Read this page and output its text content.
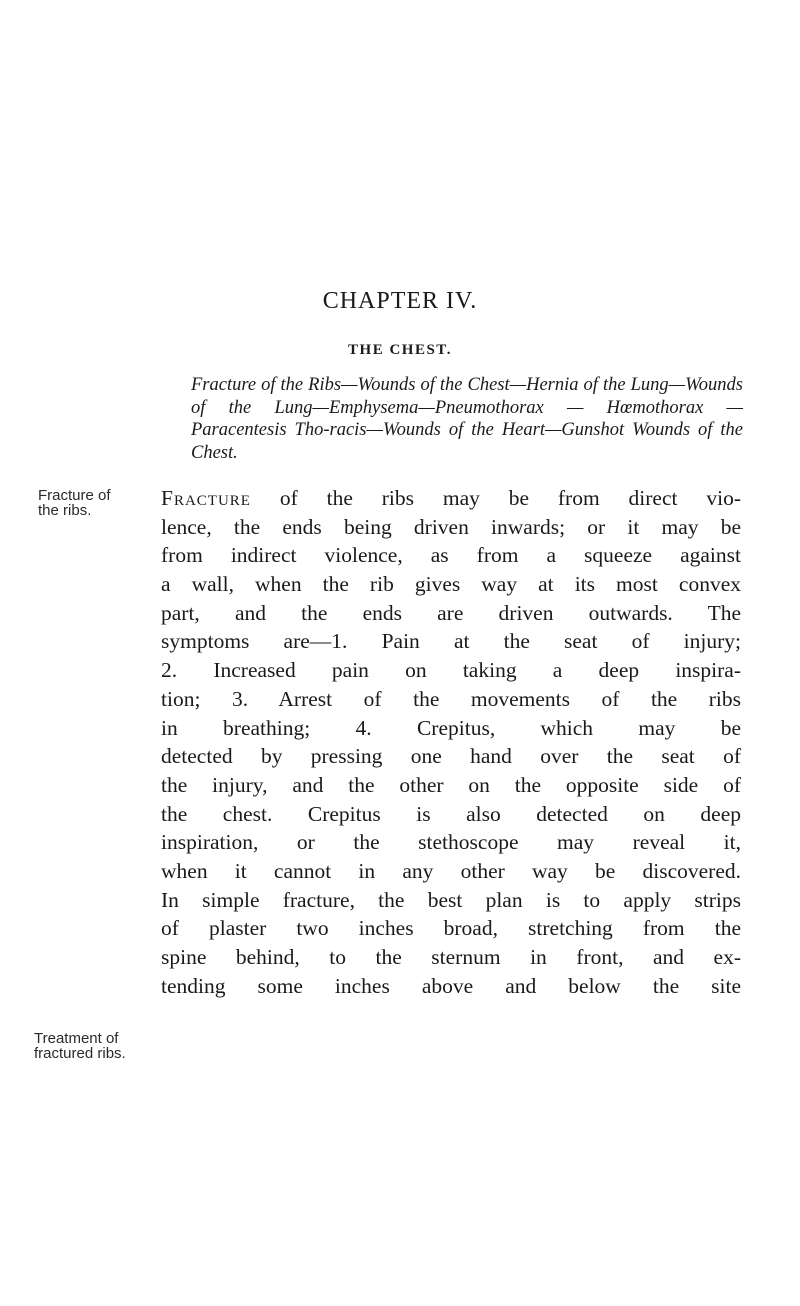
CHAPTER IV.
THE CHEST.
Fracture of the Ribs—Wounds of the Chest—Hernia of the Lung—Wounds of the Lung—Emphysema—Pneumothorax — Hœmothorax — Paracentesis Tho-racis—Wounds of the Heart—Gunshot Wounds of the Chest.
Fracture of
the ribs.
Treatment of
fractured ribs.
Fracture of the ribs may be from direct vio-
lence, the ends being driven inwards; or it may be
from indirect violence, as from a squeeze against
a wall, when the rib gives way at its most convex
part, and the ends are driven outwards. The
symptoms are—1. Pain at the seat of injury;
2. Increased pain on taking a deep inspira-
tion; 3. Arrest of the movements of the ribs
in breathing; 4. Crepitus, which may be
detected by pressing one hand over the seat of
the injury, and the other on the opposite side of
the chest. Crepitus is also detected on deep
inspiration, or the stethoscope may reveal it,
when it cannot in any other way be discovered.
In simple fracture, the best plan is to apply strips
of plaster two inches broad, stretching from the
spine behind, to the sternum in front, and ex-
tending some inches above and below the site
